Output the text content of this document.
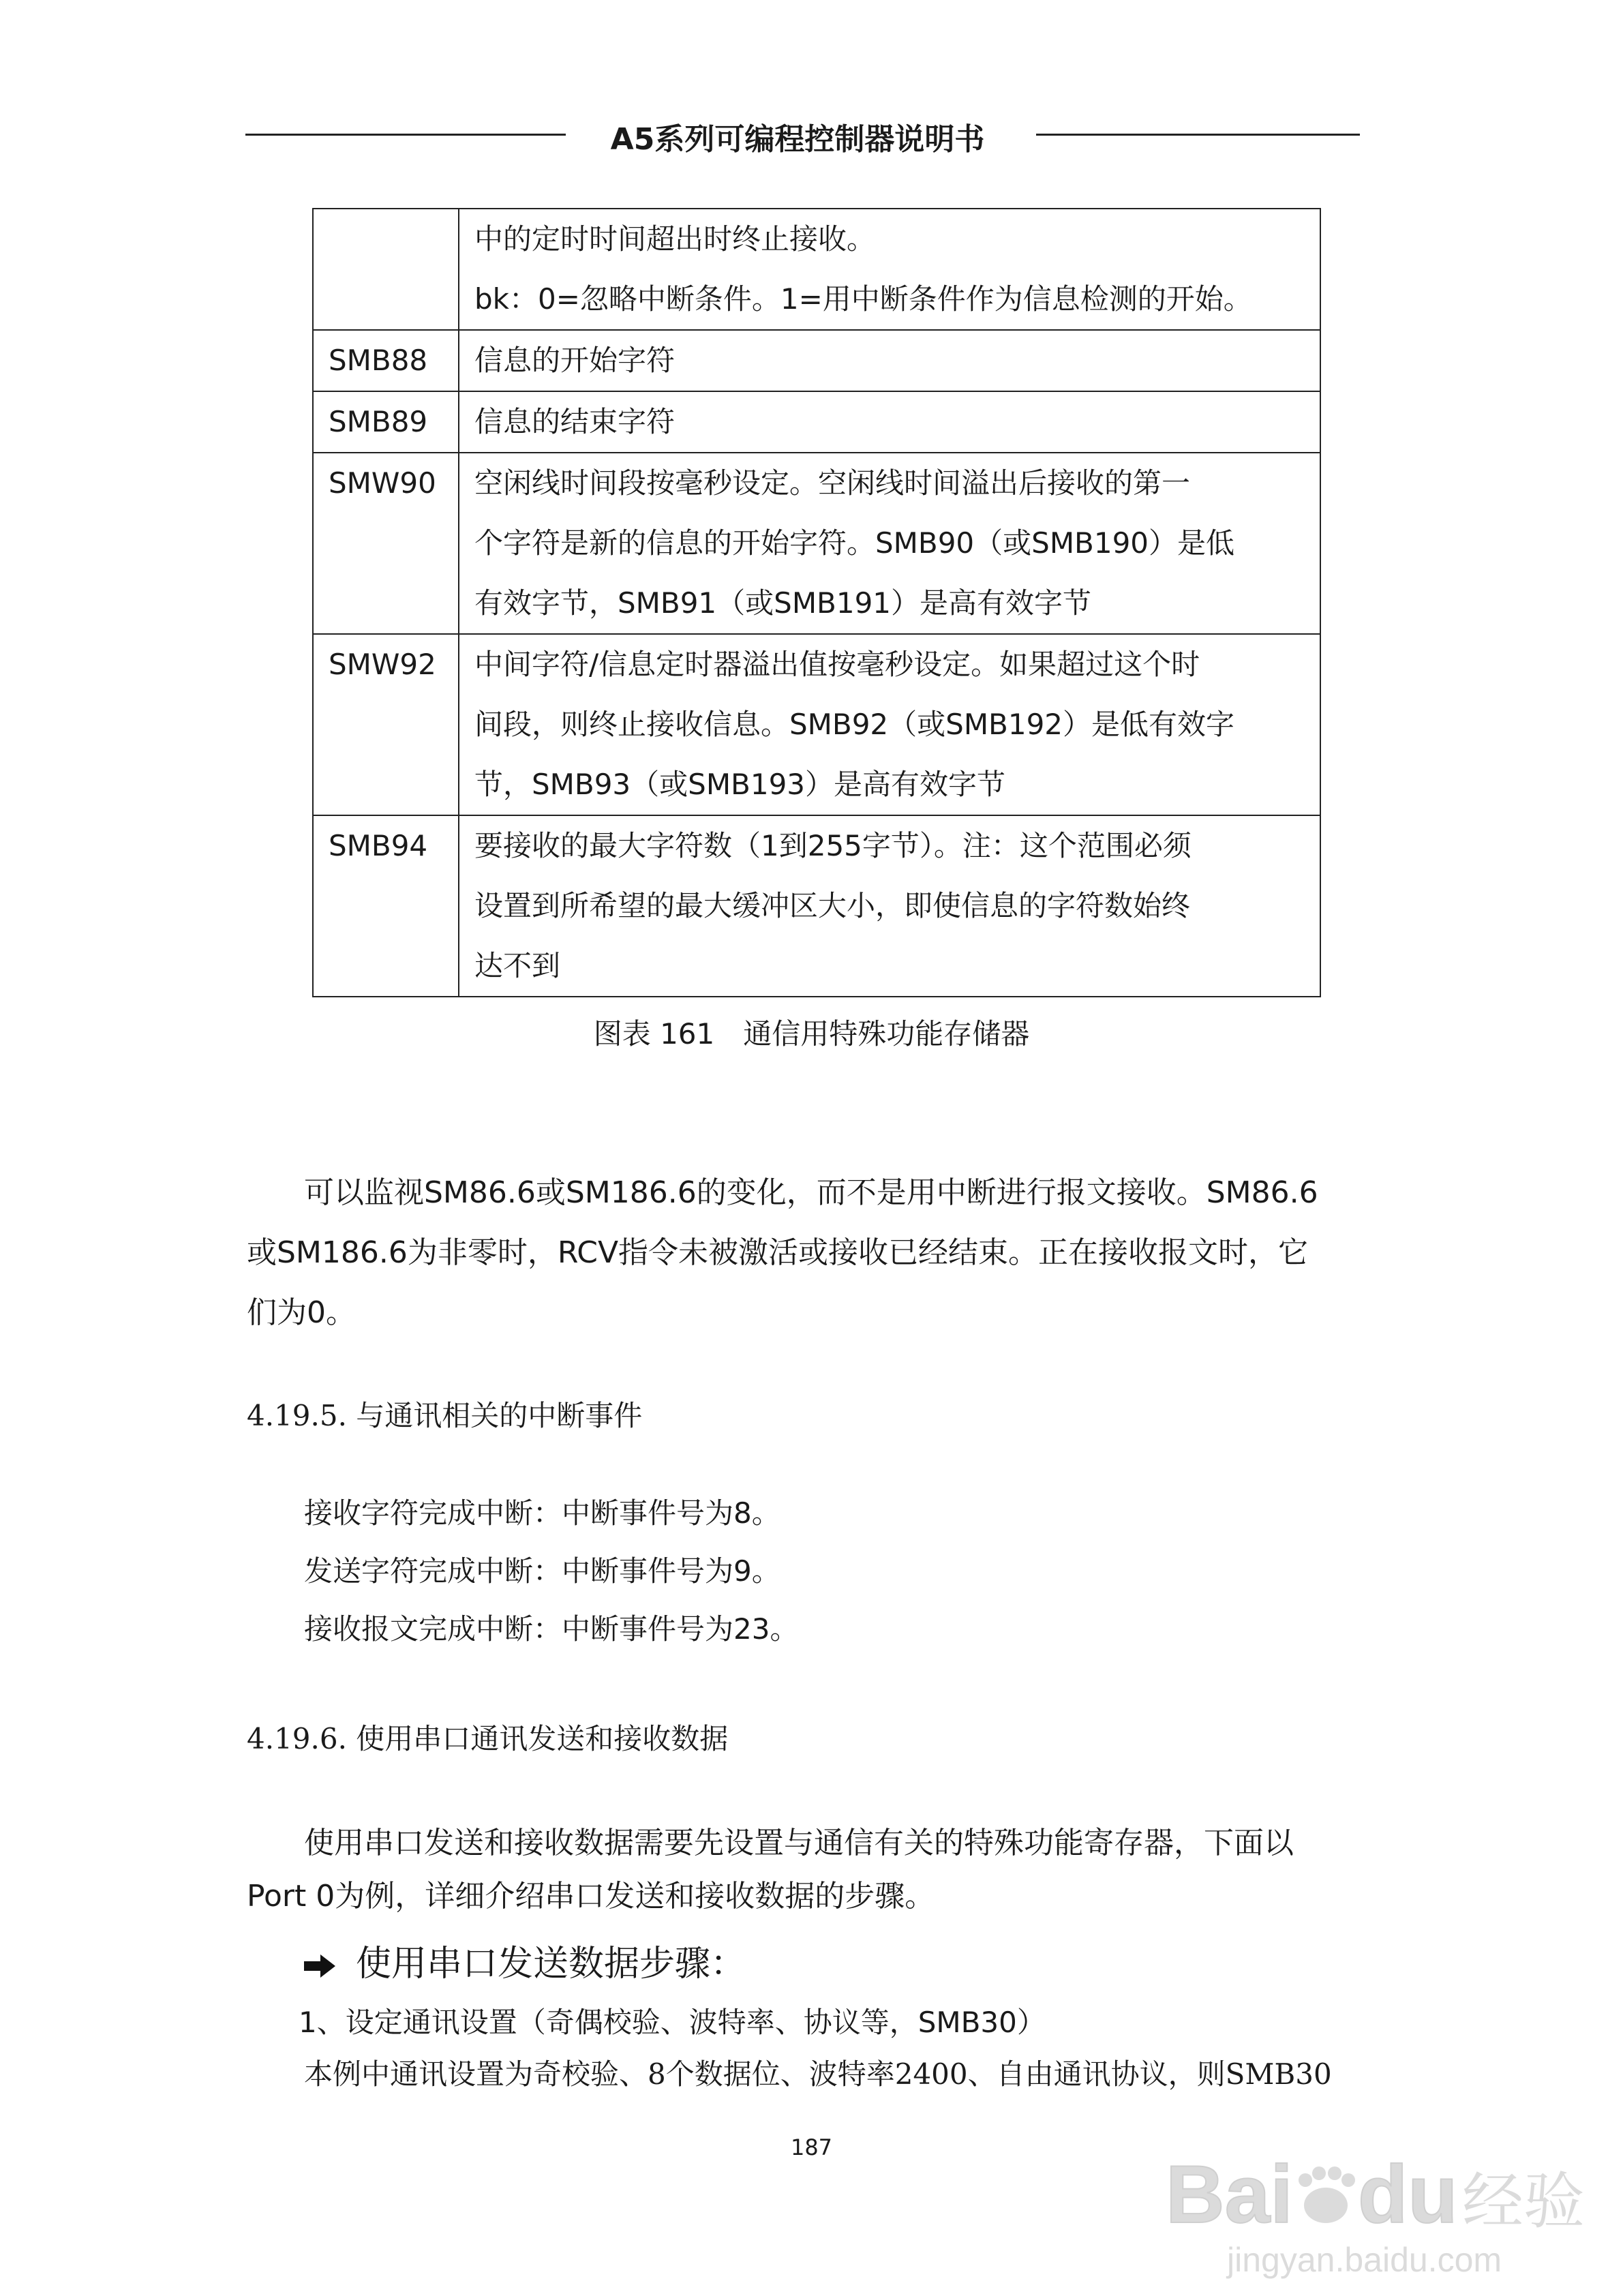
A5系列可编程控制器说明书

	中的定时时间超出时终止接收。
bk：0=忽略中断条件。1=用中断条件作为信息检测的开始。

SMB88	信息的开始字符

SMB89	信息的结束字符

SMW90	空闲线时间段按毫秒设定。空闲线时间溢出后接收的第一
个字符是新的信息的开始字符。SMB90（或SMB190）是低
有效字节，SMB91（或SMB191）是高有效字节

SMW92	中间字符/信息定时器溢出值按毫秒设定。如果超过这个时
间段，则终止接收信息。SMB92（或SMB192）是低有效字
节，SMB93（或SMB193）是高有效字节

SMB94	要接收的最大字符数（1到255字节）。注：这个范围必须
设置到所希望的最大缓冲区大小，即使信息的字符数始终
达不到
图表 161　通信用特殊功能存储器
可以监视SM86.6或SM186.6的变化，而不是用中断进行报文接收。SM86.6
或SM186.6为非零时，RCV指令未被激活或接收已经结束。正在接收报文时，它
们为0。
4.19.5. 与通讯相关的中断事件
接收字符完成中断：中断事件号为8。
发送字符完成中断：中断事件号为9。
接收报文完成中断：中断事件号为23。
4.19.6. 使用串口通讯发送和接收数据
使用串口发送和接收数据需要先设置与通信有关的特殊功能寄存器，下面以
Port 0为例，详细介绍串口发送和接收数据的步骤。
使用串口发送数据步骤：
1、设定通讯设置（奇偶校验、波特率、协议等，SMB30）
本例中通讯设置为奇校验、8个数据位、波特率2400、自由通讯协议，则SMB30
187
Bai du 经验
jingyan.baidu.com
